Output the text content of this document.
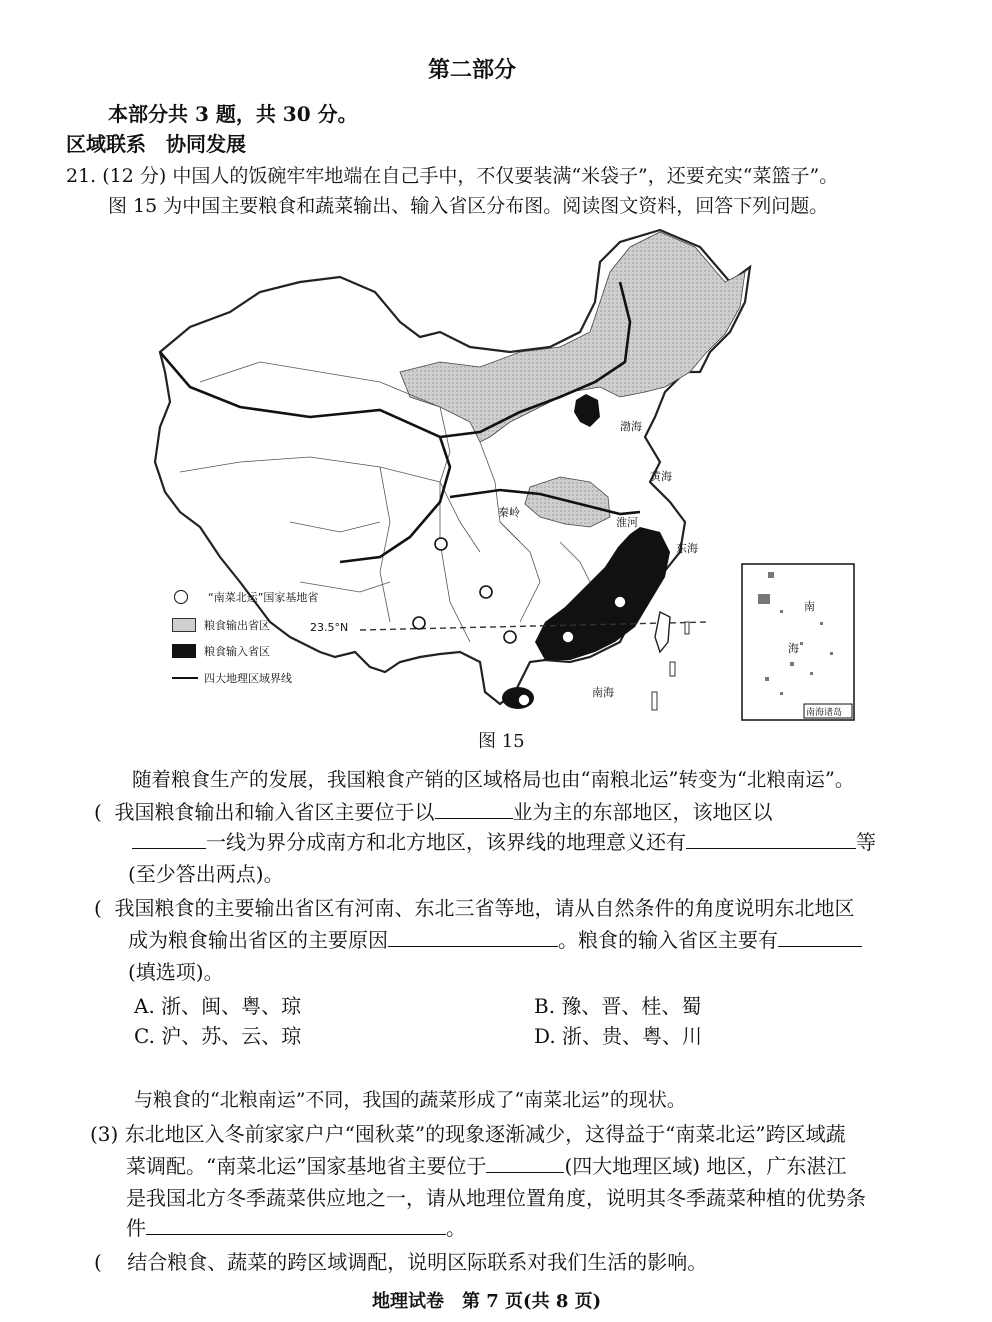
第二部分
本部分共 3 题，共 30 分。
区域联系　协同发展
21. (12 分) 中国人的饭碗牢牢地端在自己手中，不仅要装满“米袋子”，还要充实“菜篮子”。
图 15 为中国主要粮食和蔬菜输出、输入省区分布图。阅读图文资料，回答下列问题。
渤海
黄海
东海
南海
秦岭
淮河
23.5°N
南
海
南海诸岛
“南菜北运”国家基地省
粮食输出省区
粮食输入省区
四大地理区域界线
图 15
随着粮食生产的发展，我国粮食产销的区域格局也由“南粮北运”转变为“北粮南运”。
( 我国粮食输出和输入省区主要位于以	业为主的东部地区，该地区以
一线为界分成南方和北方地区，该界线的地理意义还有	等
(至少答出两点)。
( 我国粮食的主要输出省区有河南、东北三省等地，请从自然条件的角度说明东北地区
成为粮食输出省区的主要原因	。粮食的输入省区主要有
(填选项)。
A. 浙、闽、粤、琼	B. 豫、晋、桂、蜀
C. 沪、苏、云、琼	D. 浙、贵、粤、川
与粮食的“北粮南运”不同，我国的蔬菜形成了“南菜北运”的现状。
(3) 东北地区入冬前家家户户“囤秋菜”的现象逐渐减少，这得益于“南菜北运”跨区域蔬
菜调配。“南菜北运”国家基地省主要位于	(四大地理区域) 地区，广东湛江
是我国北方冬季蔬菜供应地之一，请从地理位置角度，说明其冬季蔬菜种植的优势条
件	。
( 结合粮食、蔬菜的跨区域调配，说明区际联系对我们生活的影响。
地理试卷　第 7 页(共 8 页)
